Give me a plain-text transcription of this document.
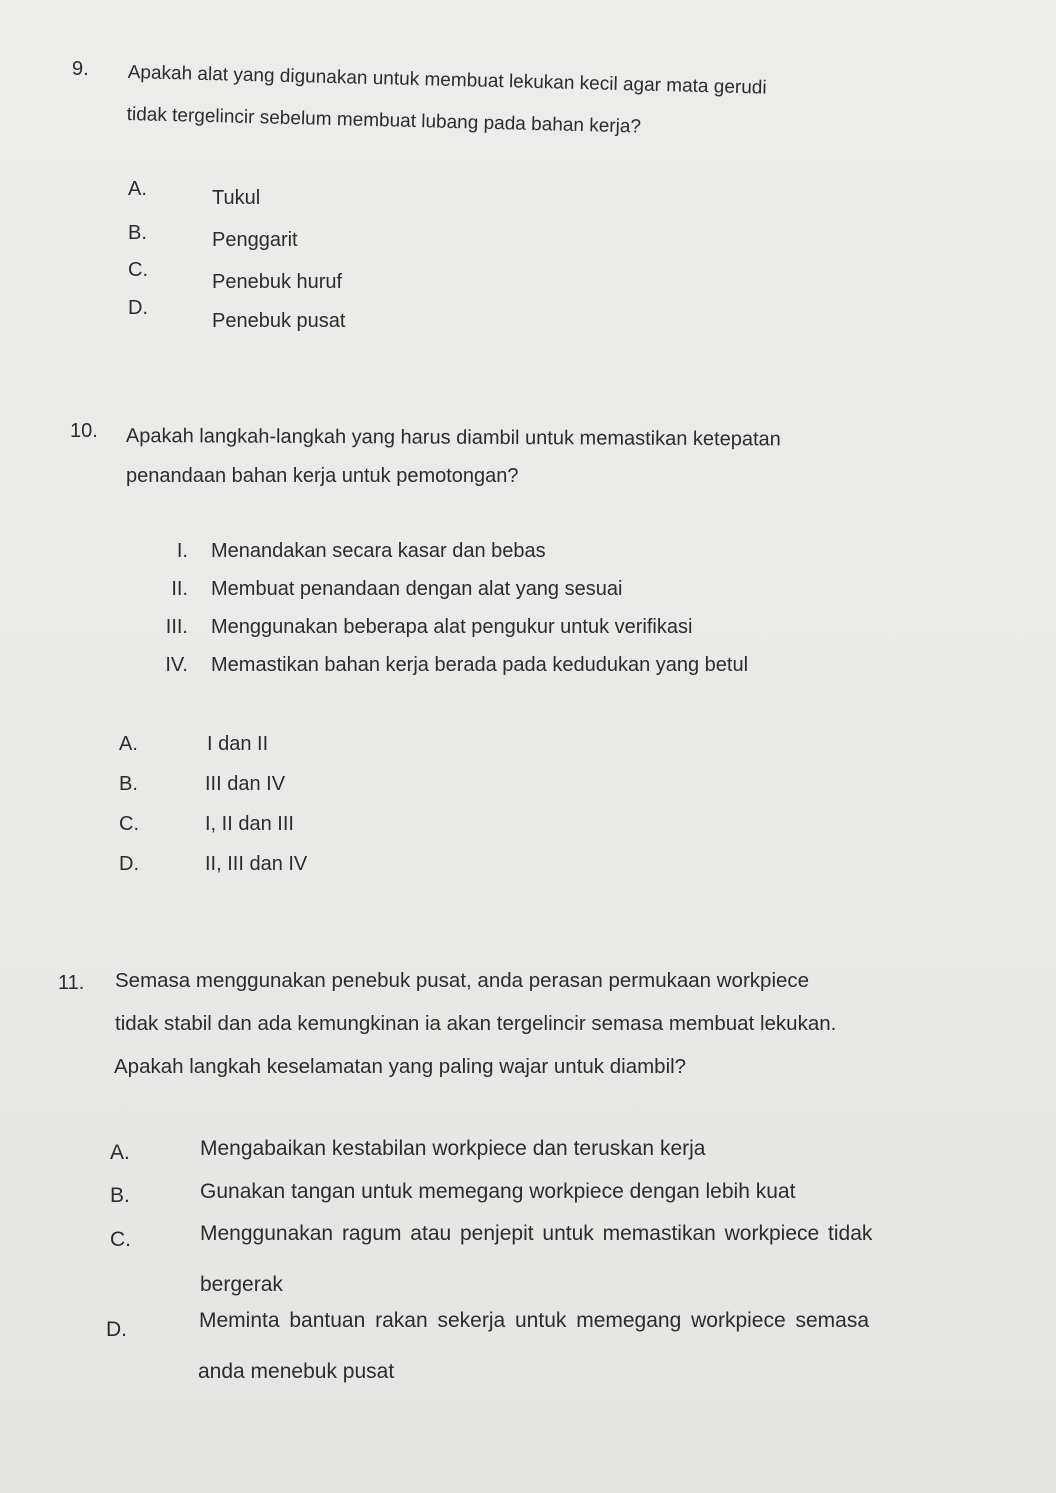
9. Apakah alat yang digunakan untuk membuat lekukan kecil agar mata gerudi
tidak tergelincir sebelum membuat lubang pada bahan kerja?
A.	Tukul
B.	Penggarit
C.
Penebuk huruf
D.
Penebuk pusat
10. Apakah langkah-langkah yang harus diambil untuk memastikan ketepatan
penandaan bahan kerja untuk pemotongan?
I. Menandakan secara kasar dan bebas
II. Membuat penandaan dengan alat yang sesuai
III. Menggunakan beberapa alat pengukur untuk verifikasi
IV. Memastikan bahan kerja berada pada kedudukan yang betul
A.	I dan II
B.	III dan IV
C.	I, II dan III
D.	II, III dan IV
11. Semasa menggunakan penebuk pusat, anda perasan permukaan workpiece
tidak stabil dan ada kemungkinan ia akan tergelincir semasa membuat lekukan.
Apakah langkah keselamatan yang paling wajar untuk diambil?
A.	Mengabaikan kestabilan workpiece dan teruskan kerja
B.	Gunakan tangan untuk memegang workpiece dengan lebih kuat
C.	Menggunakan ragum atau penjepit untuk memastikan workpiece tidak
bergerak
D.	Meminta bantuan rakan sekerja untuk memegang workpiece semasa
anda menebuk pusat
